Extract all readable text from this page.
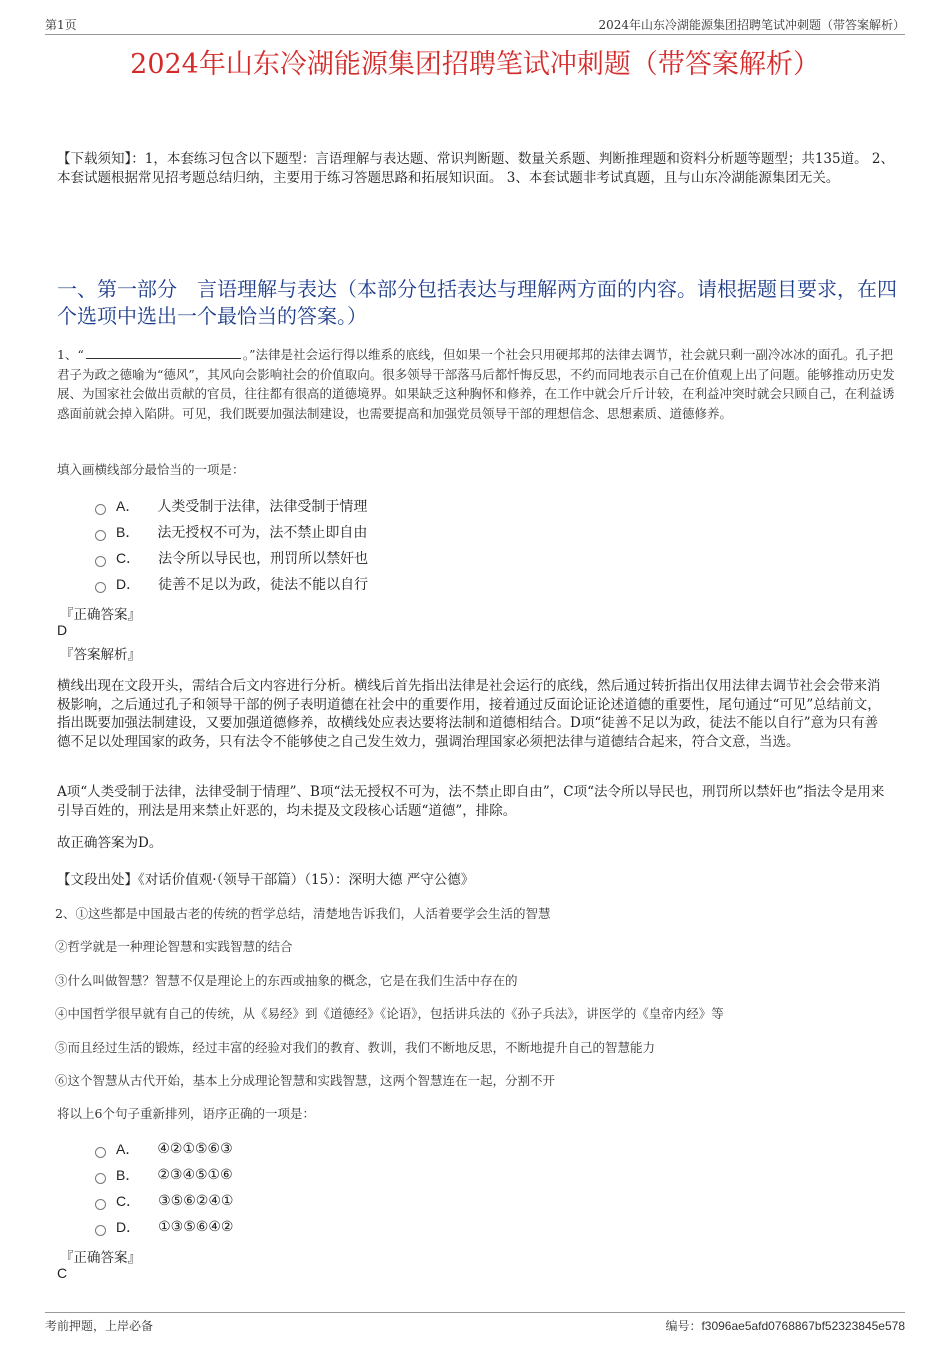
第1页	2024年山东冷湖能源集团招聘笔试冲刺题（带答案解析）
2024年山东冷湖能源集团招聘笔试冲刺题（带答案解析）
【下载须知】：1，本套练习包含以下题型：言语理解与表达题、常识判断题、数量关系题、判断推理题和资料分析题等题型；共135道。 2、本套试题根据常见招考题总结归纳，主要用于练习答题思路和拓展知识面。 3、本套试题非考试真题，且与山东冷湖能源集团无关。
一、第一部分　言语理解与表达（本部分包括表达与理解两方面的内容。请根据题目要求，在四个选项中选出一个最恰当的答案。）
1、“	。”法律是社会运行得以维系的底线，但如果一个社会只用硬邦邦的法律去调节，社会就只剩一副冷冰冰的面孔。孔子把君子为政之德喻为“德风”，其风向会影响社会的价值取向。很多领导干部落马后都忏悔反思，不约而同地表示自己在价值观上出了问题。能够推动历史发展、为国家社会做出贡献的官员，往往都有很高的道德境界。如果缺乏这种胸怀和修养，在工作中就会斤斤计较，在利益冲突时就会只顾自己，在利益诱惑面前就会掉入陷阱。可见，我们既要加强法制建设，也需要提高和加强党员领导干部的理想信念、思想素质、道德修养。
填入画横线部分最恰当的一项是：
A． 人类受制于法律，法律受制于情理
B． 法无授权不可为，法不禁止即自由
C． 法令所以导民也，刑罚所以禁奸也
D． 徒善不足以为政，徒法不能以自行
『正确答案』
D
『答案解析』
横线出现在文段开头，需结合后文内容进行分析。横线后首先指出法律是社会运行的底线，然后通过转折指出仅用法律去调节社会会带来消极影响，之后通过孔子和领导干部的例子表明道德在社会中的重要作用，接着通过反面论证论述道德的重要性，尾句通过“可见”总结前文，指出既要加强法制建设，又要加强道德修养，故横线处应表达要将法制和道德相结合。D项“徒善不足以为政，徒法不能以自行”意为只有善德不足以处理国家的政务，只有法令不能够使之自己发生效力，强调治理国家必须把法律与道德结合起来，符合文意，当选。
A项“人类受制于法律，法律受制于情理”、B项“法无授权不可为，法不禁止即自由”，C项“法令所以导民也，刑罚所以禁奸也”指法令是用来引导百姓的，刑法是用来禁止奸恶的，均未提及文段核心话题“道德”，排除。
故正确答案为D。
【文段出处】《对话价值观·（领导干部篇）（15）：深明大德 严守公德》
2、①这些都是中国最古老的传统的哲学总结，清楚地告诉我们，人活着要学会生活的智慧
②哲学就是一种理论智慧和实践智慧的结合
③什么叫做智慧？智慧不仅是理论上的东西或抽象的概念，它是在我们生活中存在的
④中国哲学很早就有自己的传统，从《易经》到《道德经》《论语》，包括讲兵法的《孙子兵法》，讲医学的《皇帝内经》等
⑤而且经过生活的锻炼，经过丰富的经验对我们的教育、教训，我们不断地反思，不断地提升自己的智慧能力
⑥这个智慧从古代开始，基本上分成理论智慧和实践智慧，这两个智慧连在一起，分割不开
将以上6个句子重新排列，语序正确的一项是：
A． ④②①⑤⑥③
B． ②③④⑤①⑥
C． ③⑤⑥②④①
D． ①③⑤⑥④②
『正确答案』
C
考前押题，上岸必备	编号：f3096ae5afd0768867bf52323845e578
